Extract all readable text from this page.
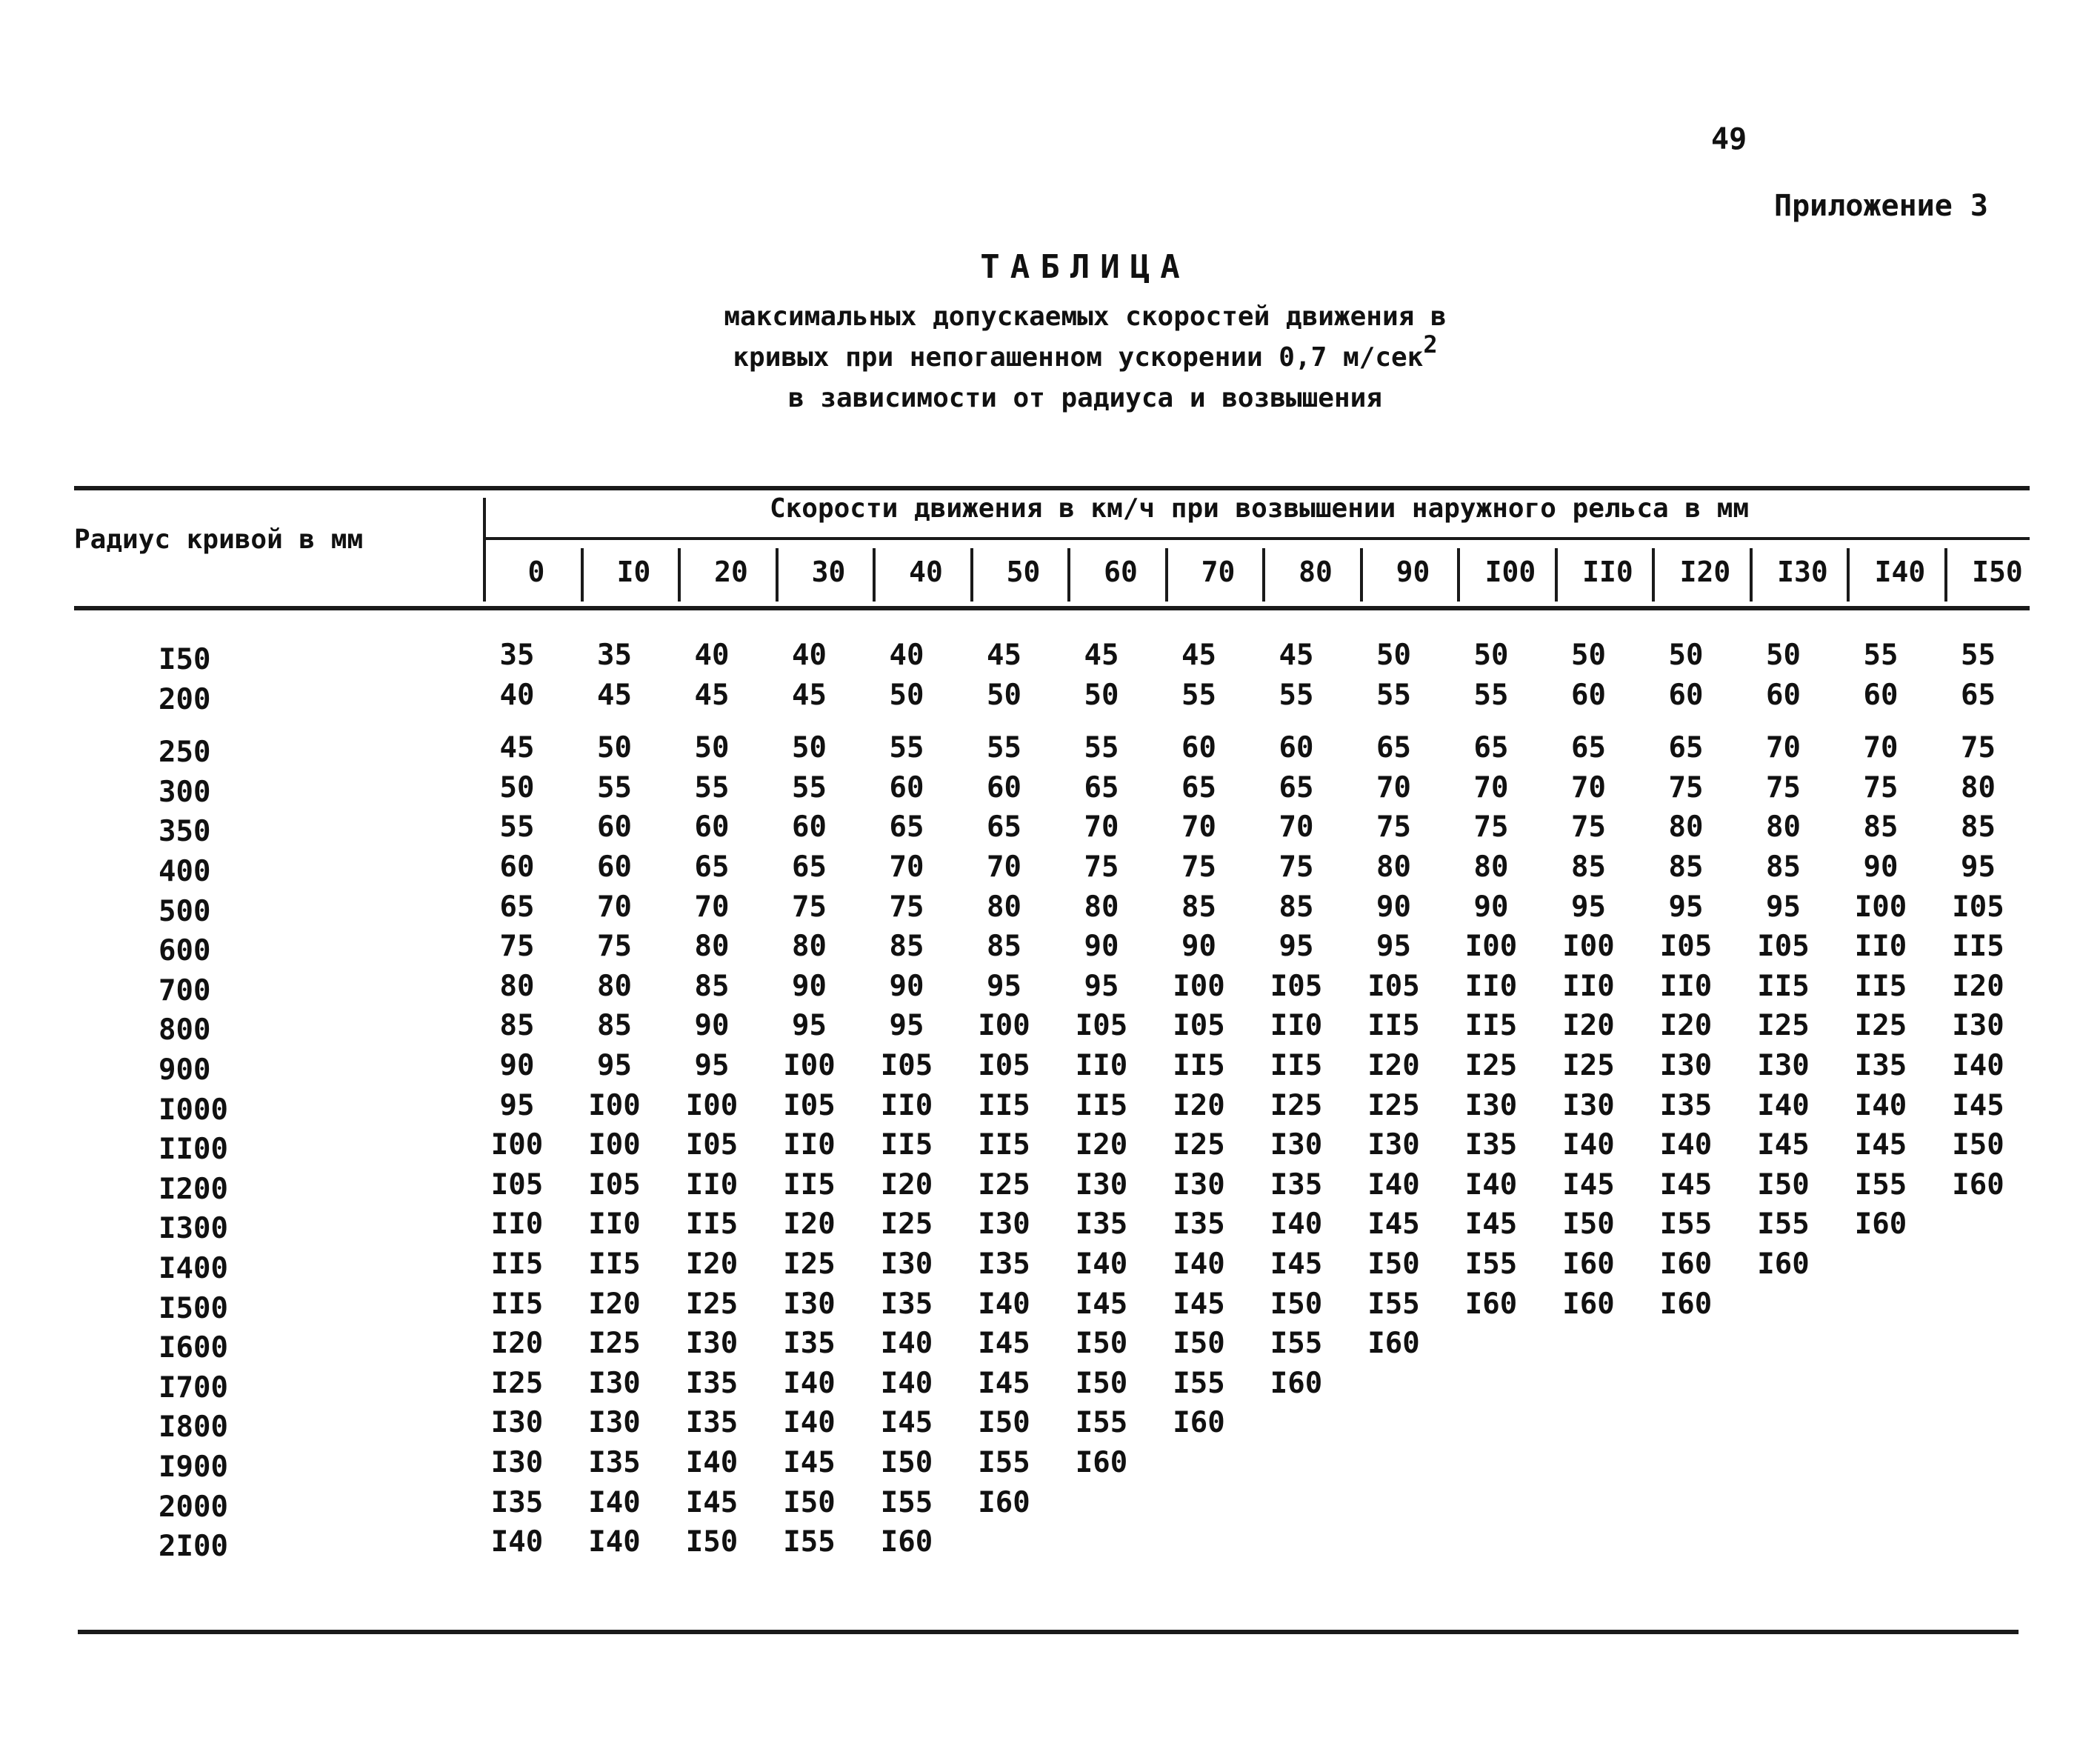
49
Приложение 3
ТАБЛИЦА
максимальных допускаемых скоростей движения в
кривых при непогашенном ускорении 0,7 м/сек$^2$
в зависимости от радиуса и возвышения
Радиус кривой в мм
Скорости движения в км/ч при возвышении наружного рельса в мм
0	I0	20	30	40	50	60	70	80	90	I00	II0	I20	I30	I40	I50
I50	35	35	40	40	40	45	45	45	45	50	50	50	50	50	55	55
200	40	45	45	45	50	50	50	55	55	55	55	60	60	60	60	65
250	45	50	50	50	55	55	55	60	60	65	65	65	65	70	70	75
300	50	55	55	55	60	60	65	65	65	70	70	70	75	75	75	80
350	55	60	60	60	65	65	70	70	70	75	75	75	80	80	85	85
400	60	60	65	65	70	70	75	75	75	80	80	85	85	85	90	95
500	65	70	70	75	75	80	80	85	85	90	90	95	95	95	I00 I05
600	75	75	80	80	85	85	90	90	95	95	I00 I00 I05 I05 II0 II5
700	80	80	85	90	90	95	95	I00 I05 I05 II0 II0 II0 II5 II5 I20
800	85	85	90	95	95	I00 I05 I05 II0 II5 II5 I20 I20 I25 I25 I30
900	90	95	95	I00 I05 I05 II0 II5 II5 I20 I25 I25 I30 I30 I35 I40
I000	95	I00 I00 I05 II0 II5 II5 I20 I25 I25 I30 I30 I35 I40 I40 I45
II00	I00 I00 I05 II0 II5 II5 I20 I25 I30 I30 I35 I40 I40 I45 I45 I50
I200	I05 I05 II0 II5 I20 I25 I30 I30 I35 I40 I40 I45 I45 I50 I55 I60
I300	II0 II0 II5 I20 I25 I30 I35 I35 I40 I45 I45 I50 I55 I55 I60
I400	II5 II5 I20 I25 I30 I35 I40 I40 I45 I50 I55 I60 I60 I60
I500	II5 I20 I25 I30 I35 I40 I45 I45 I50 I55 I60 I60 I60
I600	I20 I25 I30 I35 I40 I45 I50 I50 I55 I60
I700	I25 I30 I35 I40 I40 I45 I50 I55 I60
I800	I30 I30 I35 I40 I45 I50 I55 I60
I900	I30 I35 I40 I45 I50 I55 I60
2000	I35 I40 I45 I50 I55 I60
2I00	I40 I40 I50 I55 I60
